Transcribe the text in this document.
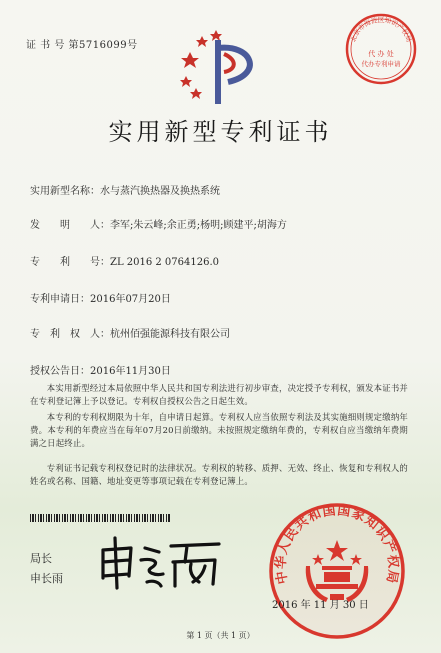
证 书 号 第5716099号
北京市海淀区知识产权局
代 办 处
代办专利申请
实用新型专利证书
实用新型名称：水与蒸汽换热器及换热系统
发　　明　　人：李军;朱云峰;余正勇;杨明;顾建平;胡海方
专　　利　　号：ZL 2016 2 0764126.0
专利申请日：2016年07月20日
专　利　权　人：杭州佰强能源科技有限公司
授权公告日：2016年11月30日
本实用新型经过本局依照中华人民共和国专利法进行初步审查，决定授予专利权，颁发本证书并在专利登记簿上予以登记。专利权自授权公告之日起生效。
本专利的专利权期限为十年，自申请日起算。专利权人应当依照专利法及其实施细则规定缴纳年费。本专利的年费应当在每年07月20日前缴纳。未按照规定缴纳年费的，专利权自应当缴纳年费期满之日起终止。
专利证书记载专利权登记时的法律状况。专利权的转移、质押、无效、终止、恢复和专利权人的姓名或名称、国籍、地址变更等事项记载在专利登记簿上。
局长
申长雨	中华人民共和国国家知识产权局
2016 年 11 月 30 日
第 1 页（共 1 页）
